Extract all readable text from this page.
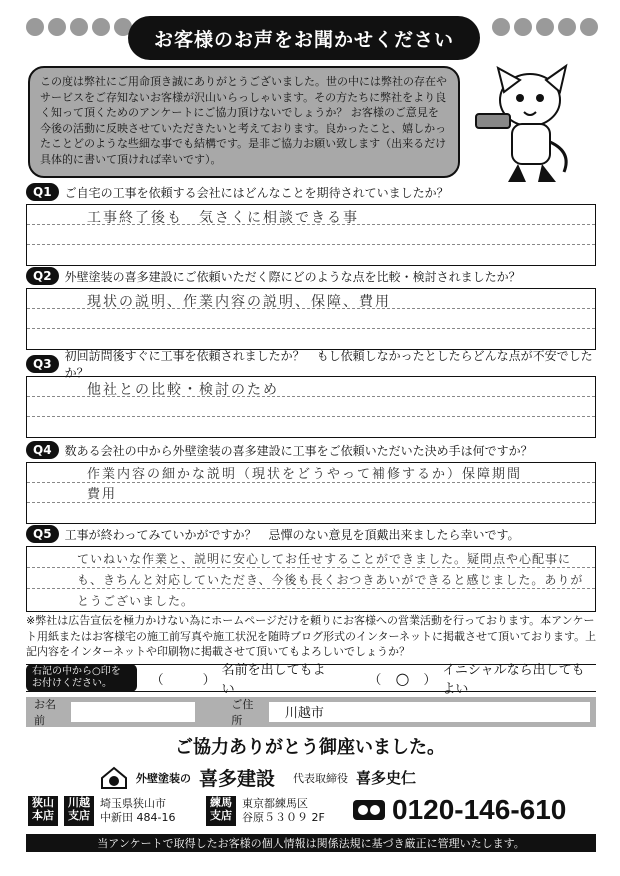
お客様のお声をお聞かせください
この度は弊社にご用命頂き誠にありがとうございました。世の中には弊社の存在やサービスをご存知ないお客様が沢山いらっしゃいます。その方たちに弊社をより良く知って頂くためのアンケートにご協力頂けないでしょうか？ お客様のご意見を今後の活動に反映させていただきたいと考えております。良かったこと、嬉しかったことどのような些細な事でも結構です。是非ご協力お願い致します（出来るだけ具体的に書いて頂ければ幸いです）。
Q1	ご自宅の工事を依頼する会社にはどんなことを期待されていましたか？
工事終了後も　気さくに相談できる事
Q2	外壁塗装の喜多建設にご依頼いただく際にどのような点を比較・検討されましたか？
現状の説明、作業内容の説明、保障、費用
Q3
初回訪問後すぐに工事を依頼されましたか？　もし依頼しなかったとしたらどんな点が不安でしたか？
他社との比較・検討のため
Q4	数ある会社の中から外壁塗装の喜多建設に工事をご依頼いただいた決め手は何ですか？
作業内容の細かな説明（現状をどうやって補修するか）保障期間　費用
Q5	工事が終わってみていかがですか？　忌憚のない意見を頂戴出来ましたら幸いです。
ていねいな作業と、説明に安心してお任せすることができました。疑問点や心配事にも、きちんと対応していただき、今後も長くおつきあいができると感じました。ありがとうございました。
※弊社は広告宣伝を極力かけない為にホームページだけを頼りにお客様への営業活動を行っております。本アンケート用紙またはお客様宅の施工前写真や施工状況を随時ブログ形式のインターネットに掲載させて頂いております。上記内容をインターネットや印刷物に掲載させて頂いてもよろしいでしょうか？
右記の中から○印をお付けください。	（　　　）
名前を出してもよい
（ ○ ）
イニシャルなら出してもよい
お名前
ご住所	川越市
ご協力ありがとう御座いました。
外壁塗装の 喜多建設 代表取締役 喜多史仁
狭山
本店
川越
支店
埼玉県狭山市
中新田 484-16
練馬
支店
東京都練馬区
谷原５３０９ 2F 0120-146-610
当アンケートで取得したお客様の個人情報は関係法規に基づき厳正に管理いたします。
